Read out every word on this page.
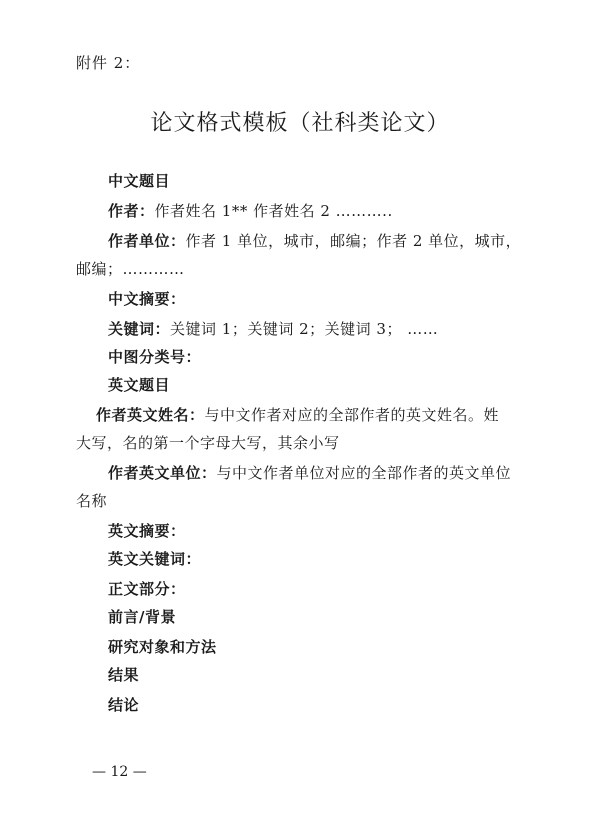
附件 2：
论文格式模板（社科类论文）
中文题目
作者：作者姓名 1** 作者姓名 2 ………..
作者单位：作者 1 单位，城市，邮编；作者 2 单位，城市，
邮编；…………
中文摘要：
关键词：关键词 1；关键词 2；关键词 3； ……
中图分类号：
英文题目
作者英文姓名：与中文作者对应的全部作者的英文姓名。姓
大写，名的第一个字母大写，其余小写
作者英文单位：与中文作者单位对应的全部作者的英文单位
名称
英文摘要：
英文关键词：
正文部分：
前言/背景
研究对象和方法
结果
结论
— 12 —
